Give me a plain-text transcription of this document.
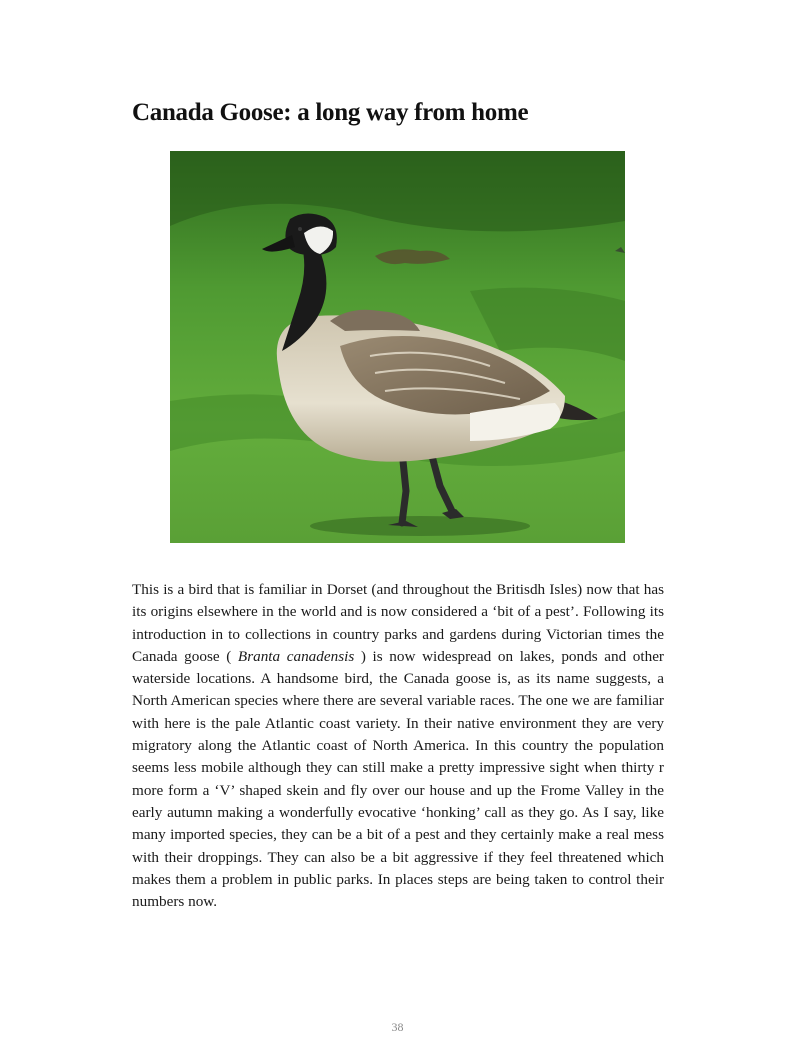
Canada Goose: a long way from home

This is a bird that is familiar in Dorset (and throughout the Britisdh Isles) now that has its origins elsewhere in the world and is now considered a ‘bit of a pest’. Following its introduction in to collections in country parks and gardens during Victorian times the Canada goose ( Branta canadensis ) is now widespread on lakes, ponds and other waterside locations. A handsome bird, the Canada goose is, as its name suggests, a North American species where there are several variable races. The one we are familiar with here is the pale Atlantic coast variety. In their native environment they are very migratory along the Atlantic coast of North America. In this country the population seems less mobile although they can still make a pretty impressive sight when thirty r more form a ‘V’ shaped skein and fly over our house and up the Frome Valley in the early autumn making a wonderfully evocative ‘honking’ call as they go. As I say, like many imported species, they can be a bit of a pest and they certainly make a real mess with their droppings. They can also be a bit aggressive if they feel threatened which makes them a problem in public parks. In places steps are being taken to control their numbers now.

38
